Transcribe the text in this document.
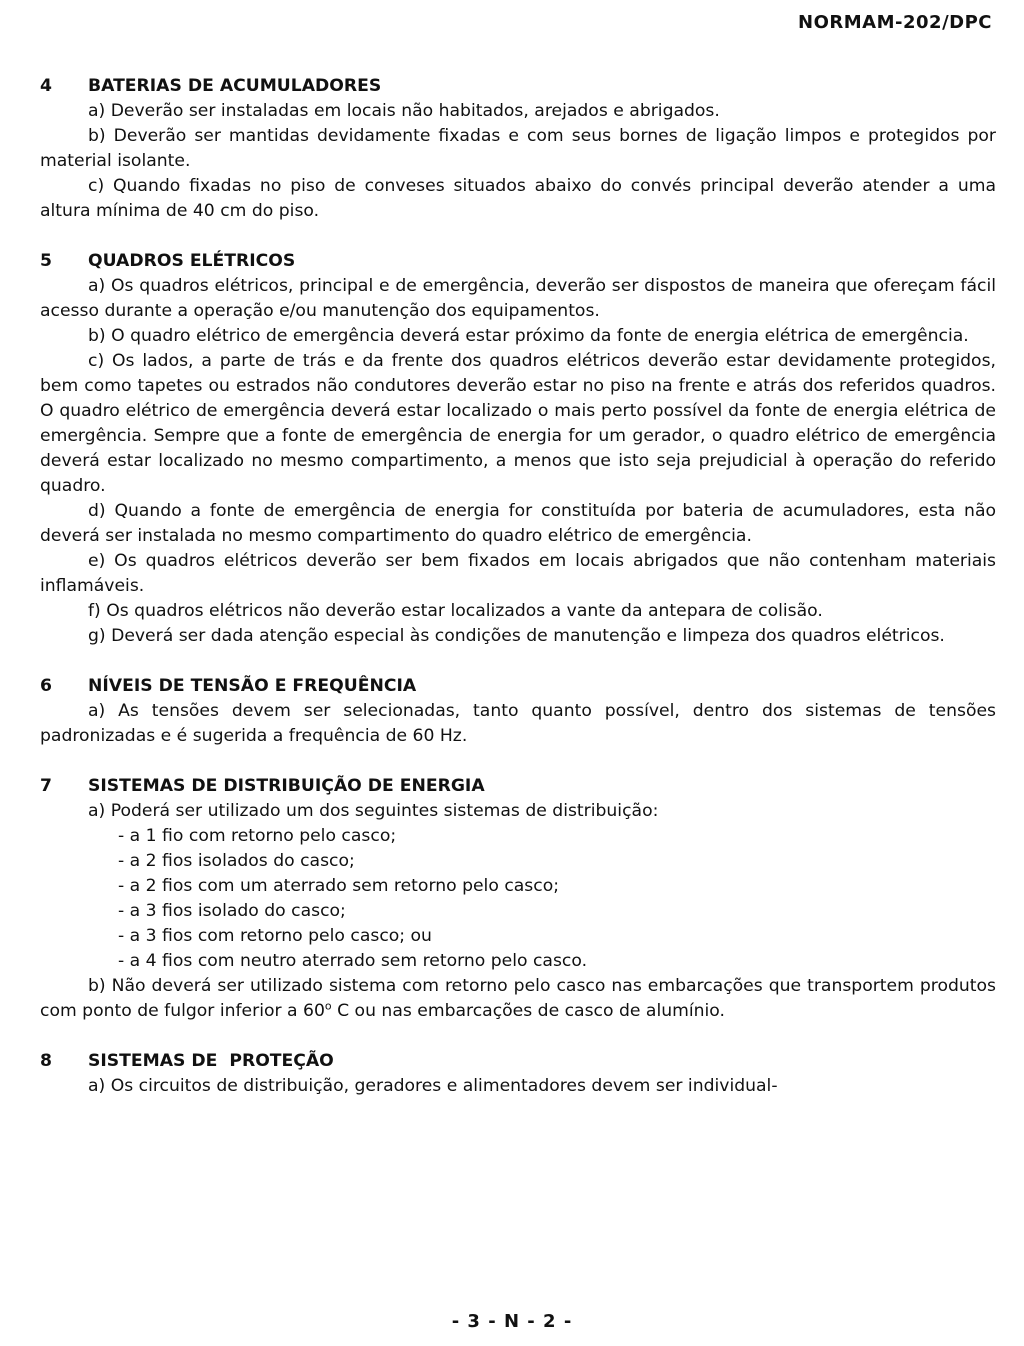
NORMAM-202/DPC

4 BATERIAS DE ACUMULADORES

a) Deverão ser instaladas em locais não habitados, arejados e abrigados.

b) Deverão ser mantidas devidamente fixadas e com seus bornes de ligação limpos e protegidos por material isolante.

c) Quando fixadas no piso de conveses situados abaixo do convés principal deverão atender a uma altura mínima de 40 cm do piso.

5 QUADROS ELÉTRICOS

a) Os quadros elétricos, principal e de emergência, deverão ser dispostos de maneira que ofereçam fácil acesso durante a operação e/ou manutenção dos equipamentos.

b) O quadro elétrico de emergência deverá estar próximo da fonte de energia elétrica de emergência.

c) Os lados, a parte de trás e da frente dos quadros elétricos deverão estar devidamente protegidos, bem como tapetes ou estrados não condutores deverão estar no piso na frente e atrás dos referidos quadros. O quadro elétrico de emergência deverá estar localizado o mais perto possível da fonte de energia elétrica de emergência. Sempre que a fonte de emergência de energia for um gerador, o quadro elétrico de emergência deverá estar localizado no mesmo compartimento, a menos que isto seja prejudicial à operação do referido quadro.

d) Quando a fonte de emergência de energia for constituída por bateria de acumuladores, esta não deverá ser instalada no mesmo compartimento do quadro elétrico de emergência.

e) Os quadros elétricos deverão ser bem fixados em locais abrigados que não contenham materiais inflamáveis.

f) Os quadros elétricos não deverão estar localizados a vante da antepara de colisão.

g) Deverá ser dada atenção especial às condições de manutenção e limpeza dos quadros elétricos.

6 NÍVEIS DE TENSÃO E FREQUÊNCIA

a) As tensões devem ser selecionadas, tanto quanto possível, dentro dos sistemas de tensões padronizadas e é sugerida a frequência de 60 Hz.

7 SISTEMAS DE DISTRIBUIÇÃO DE ENERGIA

a) Poderá ser utilizado um dos seguintes sistemas de distribuição:

- a 1 fio com retorno pelo casco;
- a 2 fios isolados do casco;
- a 2 fios com um aterrado sem retorno pelo casco;
- a 3 fios isolado do casco;
- a 3 fios com retorno pelo casco; ou
- a 4 fios com neutro aterrado sem retorno pelo casco.

b) Não deverá ser utilizado sistema com retorno pelo casco nas embarcações que transportem produtos com ponto de fulgor inferior a 60$^o$ C ou nas embarcações de casco de alumínio.

8 SISTEMAS DE  PROTEÇÃO

a) Os circuitos de distribuição, geradores e alimentadores devem ser individual-

- 3 - N - 2 -
